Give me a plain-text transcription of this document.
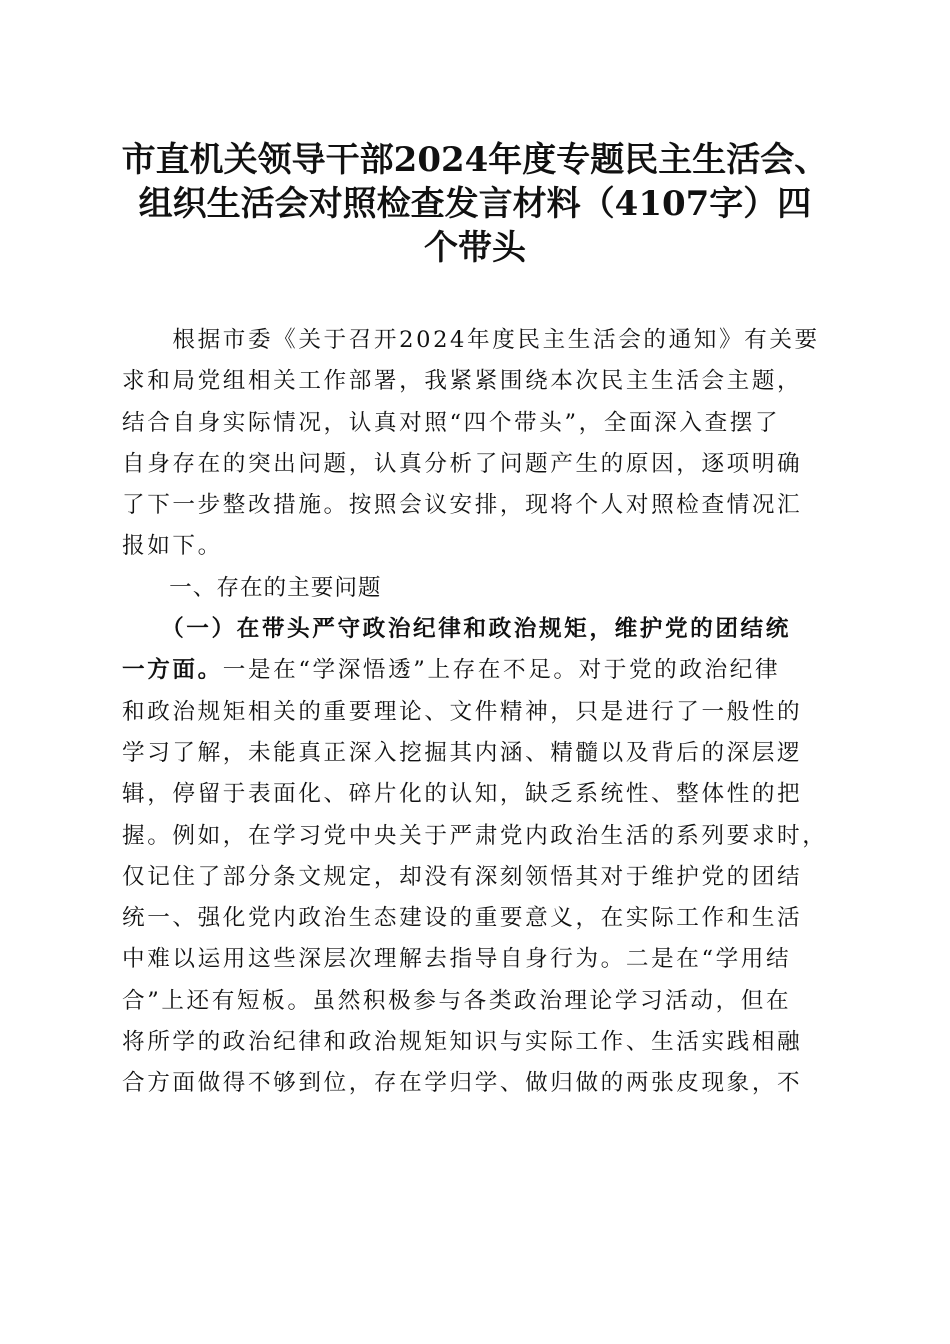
市直机关领导干部2024年度专题民主生活会、
组织生活会对照检查发言材料（4107字）四
个带头
　　根据市委《关于召开2024年度民主生活会的通知》有关要
求和局党组相关工作部署，我紧紧围绕本次民主生活会主题，
结合自身实际情况，认真对照“四个带头”，全面深入查摆了
自身存在的突出问题，认真分析了问题产生的原因，逐项明确
了下一步整改措施。按照会议安排，现将个人对照检查情况汇
报如下。
　　一、存在的主要问题
　　（一）在带头严守政治纪律和政治规矩，维护党的团结统
一方面。一是在“学深悟透”上存在不足。对于党的政治纪律
和政治规矩相关的重要理论、文件精神，只是进行了一般性的
学习了解，未能真正深入挖掘其内涵、精髓以及背后的深层逻
辑，停留于表面化、碎片化的认知，缺乏系统性、整体性的把
握。例如，在学习党中央关于严肃党内政治生活的系列要求时，
仅记住了部分条文规定，却没有深刻领悟其对于维护党的团结
统一、强化党内政治生态建设的重要意义，在实际工作和生活
中难以运用这些深层次理解去指导自身行为。二是在“学用结
合”上还有短板。虽然积极参与各类政治理论学习活动，但在
将所学的政治纪律和政治规矩知识与实际工作、生活实践相融
合方面做得不够到位，存在学归学、做归做的两张皮现象，不
